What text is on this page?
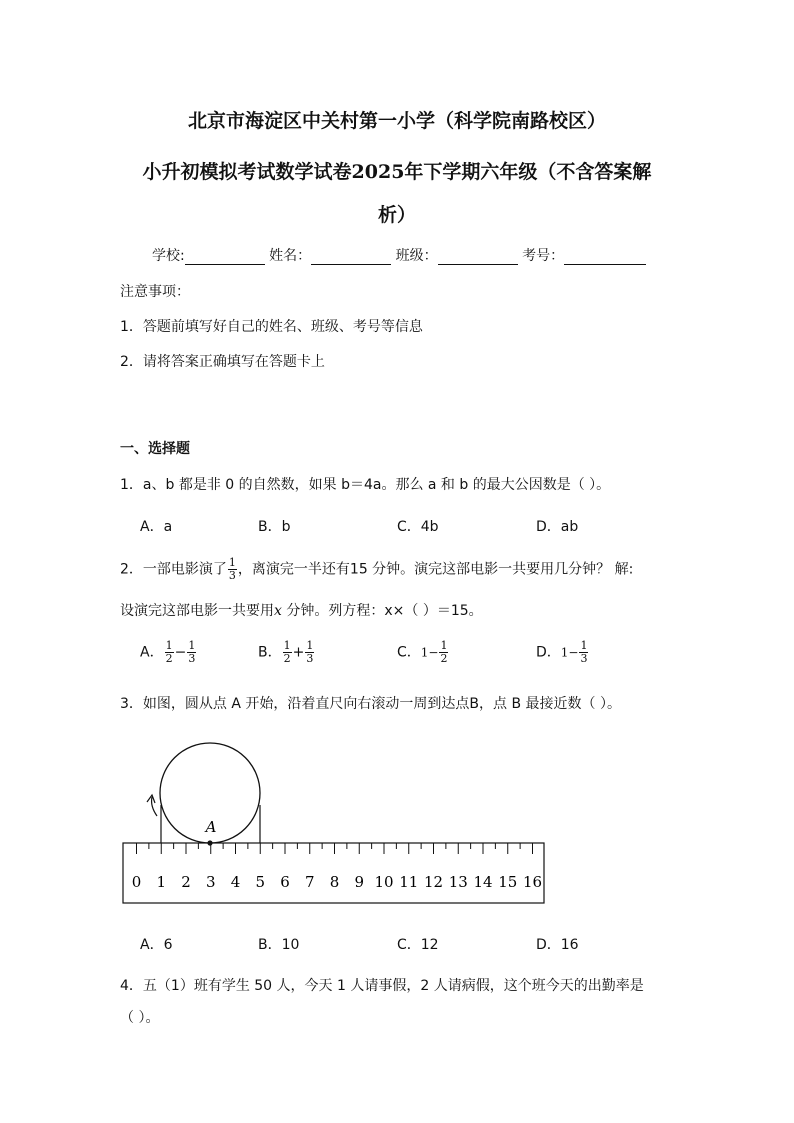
北京市海淀区中关村第一小学（科学院南路校区）
小升初模拟考试数学试卷2025年下学期六年级（不含答案解
析）
学校:	姓名：	班级：	考号：
注意事项：
1．答题前填写好自己的姓名、班级、考号等信息
2．请将答案正确填写在答题卡上
一、选择题
1．a、b 都是非 0 的自然数，如果 b＝4a。那么 a 和 b 的最大公因数是（ ）。
A．a	B．b	C．4b	D．ab
2．一部电影演了 $\frac{1}{3}$ ，离演完一半还有15 分钟。演完这部电影一共要用几分钟？ 解:
设演完这部电影一共要用x 分钟。列方程：x×（ ）＝15。
A． $\frac{1}{2} - \frac{1}{3}$	B． $\frac{1}{2} + \frac{1}{3}$	C．$1- \frac{1}{2}$	D．$1- \frac{1}{3}$
3．如图，圆从点 A 开始，沿着直尺向右滚动一周到达点B，点 B 最接近数（ ）。
0 1 2 3 4 5 6 7 8 9 10 11 12 13 14 15 16
A
A．6	B．10	C．12	D．16
4．五（1）班有学生 50 人，今天 1 人请事假，2 人请病假，这个班今天的出勤率是
（ ）。
